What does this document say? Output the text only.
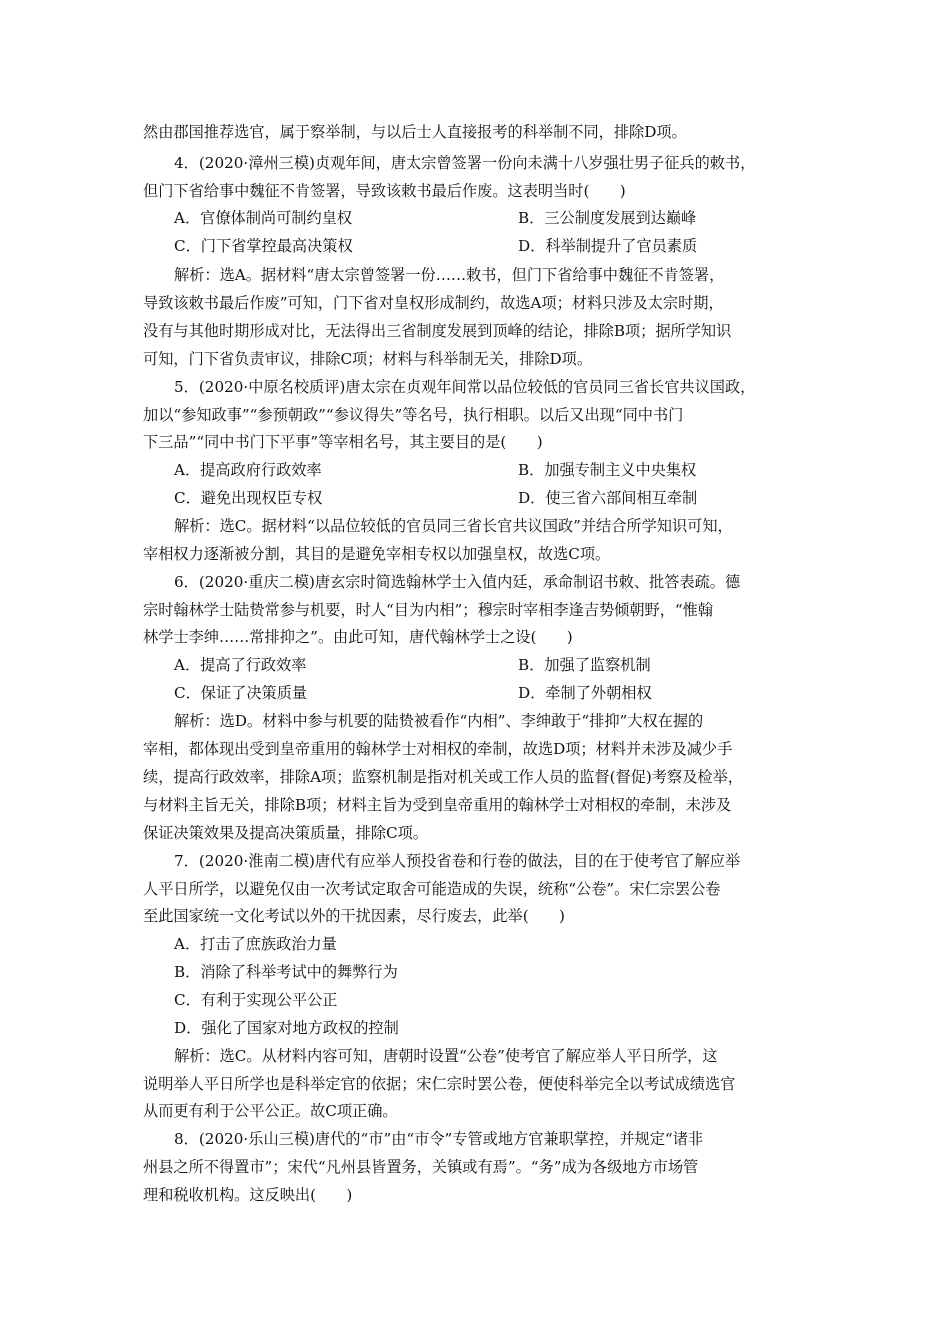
然由郡国推荐选官，属于察举制，与以后士人直接报考的科举制不同，排除D项。
4．(2020·漳州三模)贞观年间，唐太宗曾签署一份向未满十八岁强壮男子征兵的敕书，
但门下省给事中魏征不肯签署，导致该敕书最后作废。这表明当时(　　)
A．官僚体制尚可制约皇权	B．三公制度发展到达巅峰
C．门下省掌控最高决策权	D．科举制提升了官员素质
解析：选A。据材料“唐太宗曾签署一份……敕书，但门下省给事中魏征不肯签署，
导致该敕书最后作废”可知，门下省对皇权形成制约，故选A项；材料只涉及太宗时期，
没有与其他时期形成对比，无法得出三省制度发展到顶峰的结论，排除B项；据所学知识
可知，门下省负责审议，排除C项；材料与科举制无关，排除D项。
5．(2020·中原名校质评)唐太宗在贞观年间常以品位较低的官员同三省长官共议国政，
加以“参知政事”“参预朝政”“参议得失”等名号，执行相职。以后又出现“同中书门
下三品”“同中书门下平事”等宰相名号，其主要目的是(　　)
A．提高政府行政效率	B．加强专制主义中央集权
C．避免出现权臣专权	D．使三省六部间相互牵制
解析：选C。据材料“以品位较低的官员同三省长官共议国政”并结合所学知识可知，
宰相权力逐渐被分割，其目的是避免宰相专权以加强皇权，故选C项。
6．(2020·重庆二模)唐玄宗时简选翰林学士入值内廷，承命制诏书敕、批答表疏。德
宗时翰林学士陆贽常参与机要，时人“目为内相”；穆宗时宰相李逢吉势倾朝野，“惟翰
林学士李绅……常排抑之”。由此可知，唐代翰林学士之设(　　)
A．提高了行政效率	B．加强了监察机制
C．保证了决策质量	D．牵制了外朝相权
解析：选D。材料中参与机要的陆贽被看作“内相”、李绅敢于“排抑”大权在握的
宰相，都体现出受到皇帝重用的翰林学士对相权的牵制，故选D项；材料并未涉及减少手
续，提高行政效率，排除A项；监察机制是指对机关或工作人员的监督(督促)考察及检举，
与材料主旨无关，排除B项；材料主旨为受到皇帝重用的翰林学士对相权的牵制，未涉及
保证决策效果及提高决策质量，排除C项。
7．(2020·淮南二模)唐代有应举人预投省卷和行卷的做法，目的在于使考官了解应举
人平日所学，以避免仅由一次考试定取舍可能造成的失误，统称“公卷”。宋仁宗罢公卷
至此国家统一文化考试以外的干扰因素，尽行废去，此举(　　)
A．打击了庶族政治力量
B．消除了科举考试中的舞弊行为
C．有利于实现公平公正
D．强化了国家对地方政权的控制
解析：选C。从材料内容可知，唐朝时设置“公卷”使考官了解应举人平日所学，这
说明举人平日所学也是科举定官的依据；宋仁宗时罢公卷，便使科举完全以考试成绩选官
从而更有利于公平公正。故C项正确。
8．(2020·乐山三模)唐代的“市”由“市令”专管或地方官兼职掌控，并规定“诸非
州县之所不得置市”；宋代“凡州县皆置务，关镇或有焉”。“务”成为各级地方市场管
理和税收机构。这反映出(　　)
